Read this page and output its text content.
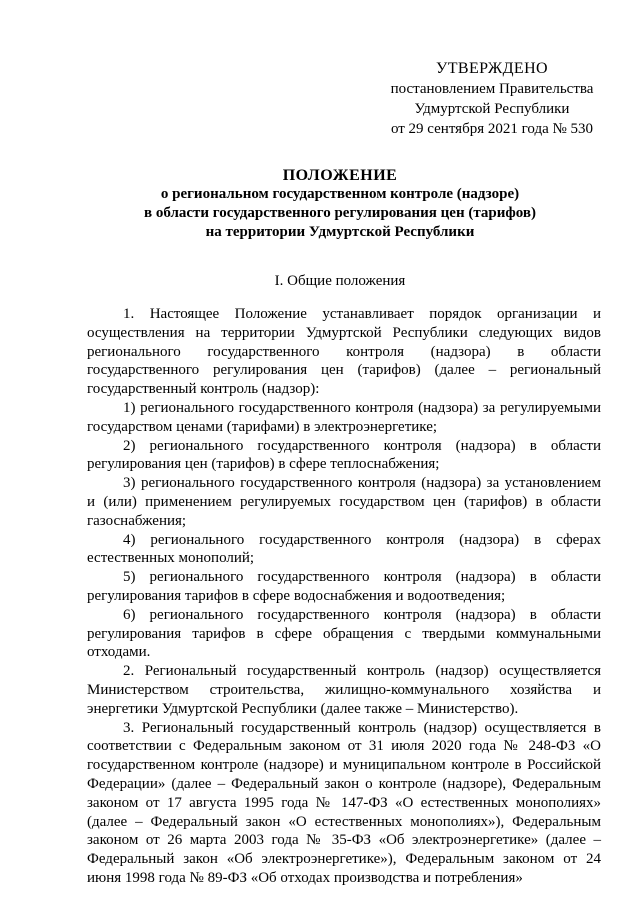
УТВЕРЖДЕНО
постановлением Правительства
Удмуртской Республики
от 29 сентября 2021 года № 530
ПОЛОЖЕНИЕ
о региональном государственном контроле (надзоре)
в области государственного регулирования цен (тарифов)
на территории Удмуртской Республики
I. Общие положения

1. Настоящее Положение устанавливает порядок организации и осуществления на территории Удмуртской Республики следующих видов регионального государственного контроля (надзора) в области государственного регулирования цен (тарифов) (далее – региональный государственный контроль (надзор):

1) регионального государственного контроля (надзора) за регулируемыми государством ценами (тарифами) в электроэнергетике;

2) регионального государственного контроля (надзора) в области регулирования цен (тарифов) в сфере теплоснабжения;

3) регионального государственного контроля (надзора) за установлением и (или) применением регулируемых государством цен (тарифов) в области газоснабжения;

4) регионального государственного контроля (надзора) в сферах естественных монополий;

5) регионального государственного контроля (надзора) в области регулирования тарифов в сфере водоснабжения и водоотведения;

6) регионального государственного контроля (надзора) в области регулирования тарифов в сфере обращения с твердыми коммунальными отходами.

2. Региональный государственный контроль (надзор) осуществляется Министерством строительства, жилищно-коммунального хозяйства и энергетики Удмуртской Республики (далее также – Министерство).

3. Региональный государственный контроль (надзор) осуществляется в соответствии с Федеральным законом от 31 июля 2020 года № 248-ФЗ «О государственном контроле (надзоре) и муниципальном контроле в Российской Федерации» (далее – Федеральный закон о контроле (надзоре), Федеральным законом от 17 августа 1995 года № 147-ФЗ «О естественных монополиях» (далее – Федеральный закон «О естественных монополиях»), Федеральным законом от 26 марта 2003 года № 35-ФЗ «Об электроэнергетике» (далее – Федеральный закон «Об электроэнергетике»), Федеральным законом от 24 июня 1998 года № 89-ФЗ «Об отходах производства и потребления»
